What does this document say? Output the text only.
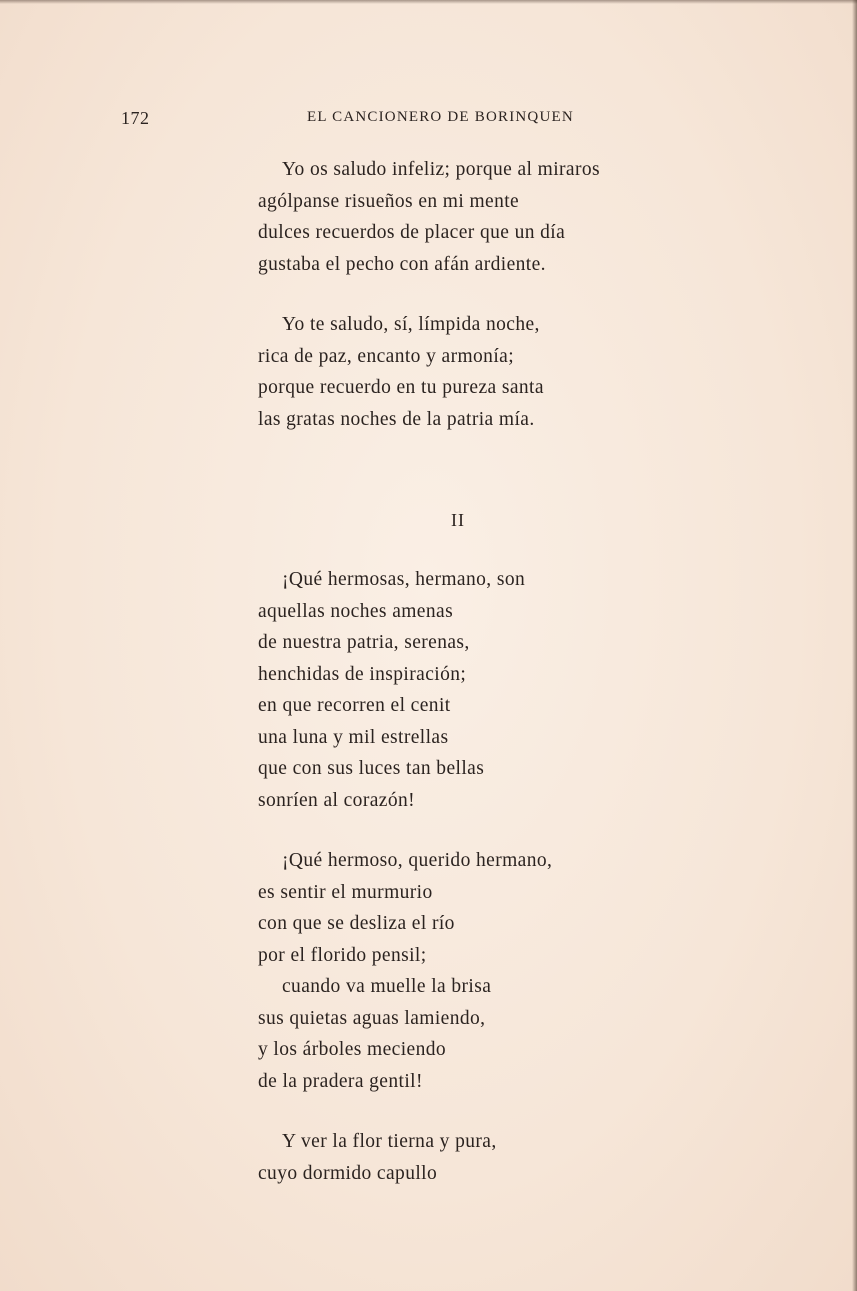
172	EL CANCIONERO DE BORINQUEN
Yo os saludo infeliz; porque al miraros
agólpanse risueños en mi mente
dulces recuerdos de placer que un día
gustaba el pecho con afán ardiente.
Yo te saludo, sí, límpida noche,
rica de paz, encanto y armonía;
porque recuerdo en tu pureza santa
las gratas noches de la patria mía.
II
¡Qué hermosas, hermano, son
aquellas noches amenas
de nuestra patria, serenas,
henchidas de inspiración;
en que recorren el cenit
una luna y mil estrellas
que con sus luces tan bellas
sonríen al corazón!
¡Qué hermoso, querido hermano,
es sentir el murmurio
con que se desliza el río
por el florido pensil;
cuando va muelle la brisa
sus quietas aguas lamiendo,
y los árboles meciendo
de la pradera gentil!
Y ver la flor tierna y pura,
cuyo dormido capullo
